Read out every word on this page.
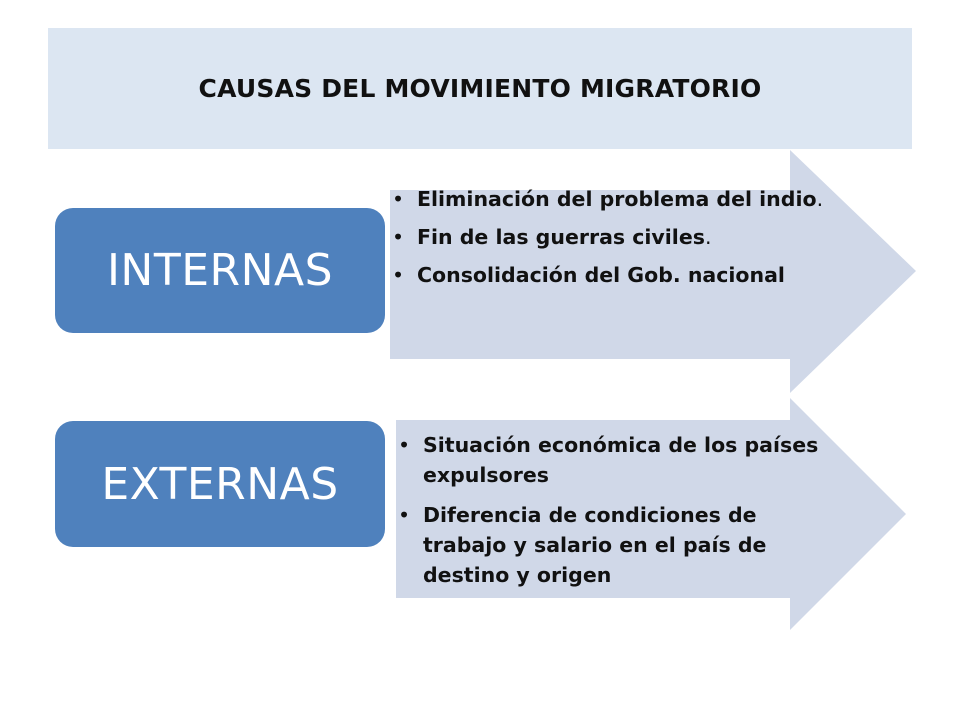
CAUSAS DEL MOVIMIENTO MIGRATORIO
INTERNAS
EXTERNAS
• Eliminación del problema del indio.
• Fin de las guerras civiles.
• Consolidación del Gob. nacional
• Situación económica de los países expulsores
• Diferencia de condiciones de trabajo y salario en el país de destino y origen
